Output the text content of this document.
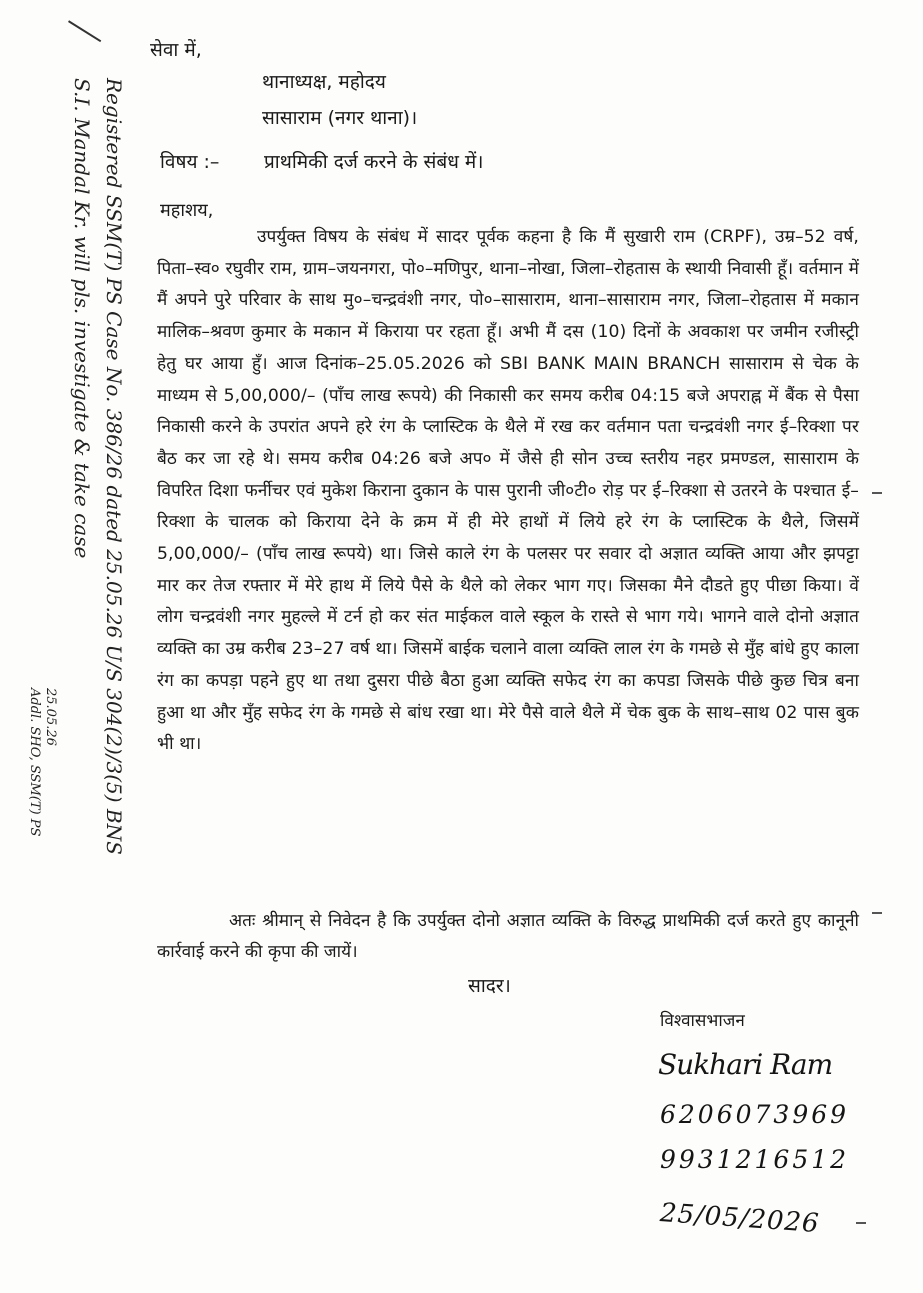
सेवा में,
थानाध्यक्ष, महोदय
सासाराम (नगर थाना)।
विषय :– प्राथमिकी दर्ज करने के संबंध में।
महाशय,
उपर्युक्त विषय के संबंध में सादर पूर्वक कहना है कि मैं सुखारी राम (CRPF), उम्र–52 वर्ष, पिता–स्व० रघुवीर राम, ग्राम–जयनगरा, पो०–मणिपुर, थाना–नोखा, जिला–रोहतास के स्थायी निवासी हूँ। वर्तमान में मैं अपने पुरे परिवार के साथ मु०–चन्द्रवंशी नगर, पो०–सासाराम, थाना–सासाराम नगर, जिला–रोहतास में मकान मालिक–श्रवण कुमार के मकान में किराया पर रहता हूँ। अभी मैं दस (10) दिनों के अवकाश पर जमीन रजीस्ट्री हेतु घर आया हुँ। आज दिनांक–25.05.2026 को SBI BANK MAIN BRANCH सासाराम से चेक के माध्यम से 5,00,000/– (पाँच लाख रूपये) की निकासी कर समय करीब 04:15 बजे अपराह्न में बैंक से पैसा निकासी करने के उपरांत अपने हरे रंग के प्लास्टिक के थैले में रख कर वर्तमान पता चन्द्रवंशी नगर ई–रिक्शा पर बैठ कर जा रहे थे। समय करीब 04:26 बजे अप० में जैसे ही सोन उच्च स्तरीय नहर प्रमण्डल, सासाराम के विपरित दिशा फर्नीचर एवं मुकेश किराना दुकान के पास पुरानी जी०टी० रोड़ पर ई–रिक्शा से उतरने के पश्चात ई–रिक्शा के चालक को किराया देने के क्रम में ही मेरे हाथों में लिये हरे रंग के प्लास्टिक के थैले, जिसमें 5,00,000/– (पाँच लाख रूपये) था। जिसे काले रंग के पलसर पर सवार दो अज्ञात व्यक्ति आया और झपट्टा मार कर तेज रफ्तार में मेरे हाथ में लिये पैसे के थैले को लेकर भाग गए। जिसका मैने दौडते हुए पीछा किया। वें लोग चन्द्रवंशी नगर मुहल्ले में टर्न हो कर संत माईकल वाले स्कूल के रास्ते से भाग गये। भागने वाले दोनो अज्ञात व्यक्ति का उम्र करीब 23–27 वर्ष था। जिसमें बाईक चलाने वाला व्यक्ति लाल रंग के गमछे से मुँह बांधे हुए काला रंग का कपड़ा पहने हुए था तथा दुसरा पीछे बैठा हुआ व्यक्ति सफेद रंग का कपडा जिसके पीछे कुछ चित्र बना हुआ था और मुँह सफेद रंग के गमछे से बांध रखा था। मेरे पैसे वाले थैले में चेक बुक के साथ–साथ 02 पास बुक भी था।
अतः श्रीमान् से निवेदन है कि उपर्युक्त दोनो अज्ञात व्यक्ति के विरुद्ध प्राथमिकी दर्ज करते हुए कानूनी कार्रवाई करने की कृपा की जायें।
सादर।
विश्वासभाजन
Sukhari Ram
6206073969
9931216512
25/05/2026
Registered SSM(T) PS Case No. 386/26 dated 25.05.26 U/S 304(2)/3(5) BNS
S.I. Mandal Kr. will pls. investigate & take case
25.05.26
Addl. SHO, SSM(T) PS
